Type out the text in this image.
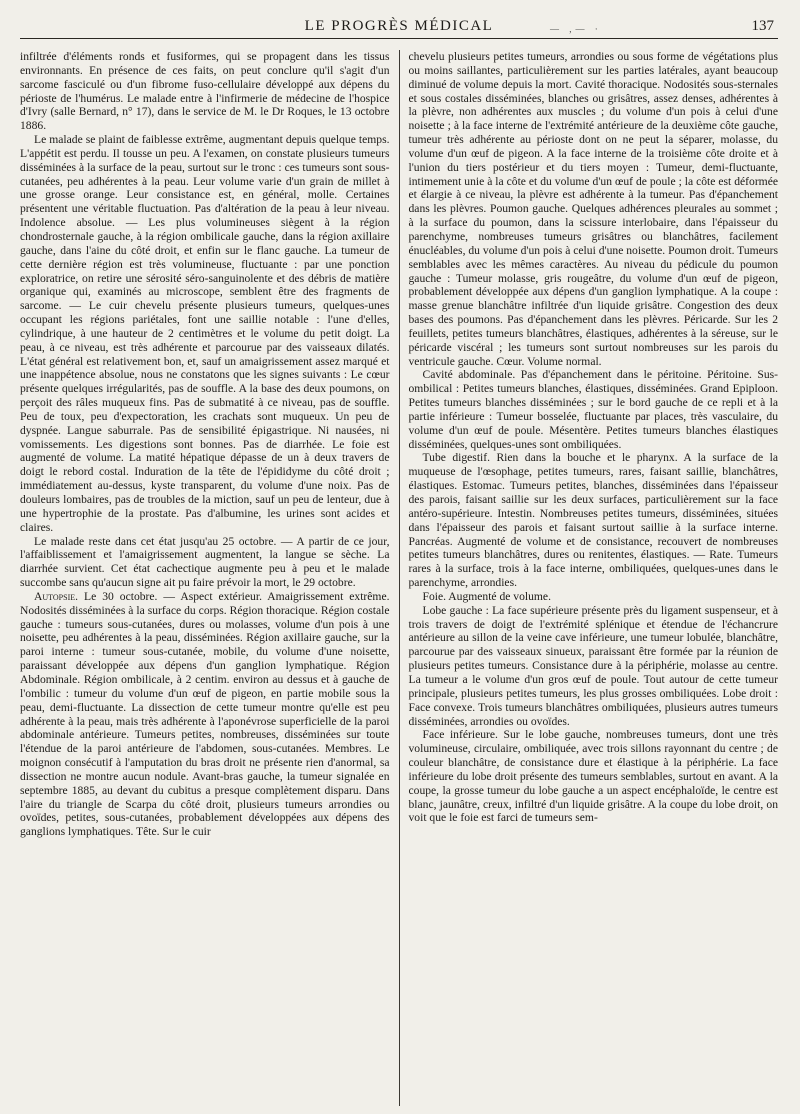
LE PROGRÈS MÉDICAL	— ,— ·	137

infiltrée d'éléments ronds et fusiformes, qui se propagent dans les tissus environnants. En présence de ces faits, on peut conclure qu'il s'agit d'un sarcome fasciculé ou d'un fibrome fuso-cellulaire développé aux dépens du périoste de l'humérus. Le malade entre à l'infirmerie de médecine de l'hospice d'Ivry (salle Bernard, n° 17), dans le service de M. le Dr Roques, le 13 octobre 1886.

Le malade se plaint de faiblesse extrême, augmentant depuis quelque temps. L'appétit est perdu. Il tousse un peu. A l'examen, on constate plusieurs tumeurs disséminées à la surface de la peau, surtout sur le tronc : ces tumeurs sont sous-cutanées, peu adhérentes à la peau. Leur volume varie d'un grain de millet à une grosse orange. Leur consistance est, en général, molle. Certaines présentent une véritable fluctuation. Pas d'altération de la peau à leur niveau. Indolence absolue. — Les plus volumineuses siègent à la région chondrosternale gauche, à la région ombilicale gauche, dans la région axillaire gauche, dans l'aine du côté droit, et enfin sur le flanc gauche. La tumeur de cette dernière région est très volumineuse, fluctuante : par une ponction exploratrice, on retire une sérosité séro-sanguinolente et des débris de matière organique qui, examinés au microscope, semblent être des fragments de sarcome. — Le cuir chevelu présente plusieurs tumeurs, quelques-unes occupant les régions pariétales, font une saillie notable : l'une d'elles, cylindrique, à une hauteur de 2 centimètres et le volume du petit doigt. La peau, à ce niveau, est très adhérente et parcourue par des vaisseaux dilatés. L'état général est relativement bon, et, sauf un amaigrissement assez marqué et une inappétence absolue, nous ne constatons que les signes suivants : Le cœur présente quelques irrégularités, pas de souffle. A la base des deux poumons, on perçoit des râles muqueux fins. Pas de submatité à ce niveau, pas de souffle. Peu de toux, peu d'expectoration, les crachats sont muqueux. Un peu de dyspnée. Langue saburrale. Pas de sensibilité épigastrique. Ni nausées, ni vomissements. Les digestions sont bonnes. Pas de diarrhée. Le foie est augmenté de volume. La matité hépatique dépasse de un à deux travers de doigt le rebord costal. Induration de la tête de l'épididyme du côté droit ; immédiatement au-dessus, kyste transparent, du volume d'une noix. Pas de douleurs lombaires, pas de troubles de la miction, sauf un peu de lenteur, due à une hypertrophie de la prostate. Pas d'albumine, les urines sont acides et claires.

Le malade reste dans cet état jusqu'au 25 octobre. — A partir de ce jour, l'affaiblissement et l'amaigrissement augmentent, la langue se sèche. La diarrhée survient. Cet état cachectique augmente peu à peu et le malade succombe sans qu'aucun signe ait pu faire prévoir la mort, le 29 octobre.

Autopsie. Le 30 octobre. — Aspect extérieur. Amaigrissement extrême. Nodosités disséminées à la surface du corps. Région thoracique. Région costale gauche : tumeurs sous-cutanées, dures ou molasses, volume d'un pois à une noisette, peu adhérentes à la peau, disséminées. Région axillaire gauche, sur la paroi interne : tumeur sous-cutanée, mobile, du volume d'une noisette, paraissant développée aux dépens d'un ganglion lymphatique. Région Abdominale. Région ombilicale, à 2 centim. environ au dessus et à gauche de l'ombilic : tumeur du volume d'un œuf de pigeon, en partie mobile sous la peau, demi-fluctuante. La dissection de cette tumeur montre qu'elle est peu adhérente à la peau, mais très adhérente à l'aponévrose superficielle de la paroi abdominale antérieure. Tumeurs petites, nombreuses, disséminées sur toute l'étendue de la paroi antérieure de l'abdomen, sous-cutanées. Membres. Le moignon consécutif à l'amputation du bras droit ne présente rien d'anormal, sa dissection ne montre aucun nodule. Avant-bras gauche, la tumeur signalée en septembre 1885, au devant du cubitus a presque complètement disparu. Dans l'aire du triangle de Scarpa du côté droit, plusieurs tumeurs arrondies ou ovoïdes, petites, sous-cutanées, probablement développées aux dépens des ganglions lymphatiques. Tête. Sur le cuir

chevelu plusieurs petites tumeurs, arrondies ou sous forme de végétations plus ou moins saillantes, particulièrement sur les parties latérales, ayant beaucoup diminué de volume depuis la mort. Cavité thoracique. Nodosités sous-sternales et sous costales disséminées, blanches ou grisâtres, assez denses, adhérentes à la plèvre, non adhérentes aux muscles ; du volume d'un pois à celui d'une noisette ; à la face interne de l'extrémité antérieure de la deuxième côte gauche, tumeur très adhérente au périoste dont on ne peut la séparer, molasse, du volume d'un œuf de pigeon. A la face interne de la troisième côte droite et à l'union du tiers postérieur et du tiers moyen : Tumeur, demi-fluctuante, intimement unie à la côte et du volume d'un œuf de poule ; la côte est déformée et élargie à ce niveau, la plèvre est adhérente à la tumeur. Pas d'épanchement dans les plèvres. Poumon gauche. Quelques adhérences pleurales au sommet ; à la surface du poumon, dans la scissure interlobaire, dans l'épaisseur du parenchyme, nombreuses tumeurs grisâtres ou blanchâtres, facilement énucléables, du volume d'un pois à celui d'une noisette. Poumon droit. Tumeurs semblables avec les mêmes caractères. Au niveau du pédicule du poumon gauche : Tumeur molasse, gris rougeâtre, du volume d'un œuf de pigeon, probablement développée aux dépens d'un ganglion lymphatique. A la coupe : masse grenue blanchâtre infiltrée d'un liquide grisâtre. Congestion des deux bases des poumons. Pas d'épanchement dans les plèvres. Péricarde. Sur les 2 feuillets, petites tumeurs blanchâtres, élastiques, adhérentes à la séreuse, sur le péricarde viscéral ; les tumeurs sont surtout nombreuses sur les parois du ventricule gauche. Cœur. Volume normal.

Cavité abdominale. Pas d'épanchement dans le péritoine. Péritoine. Sus-ombilical : Petites tumeurs blanches, élastiques, disséminées. Grand Epiploon. Petites tumeurs blanches disséminées ; sur le bord gauche de ce repli et à la partie inférieure : Tumeur bosselée, fluctuante par places, très vasculaire, du volume d'un œuf de poule. Mésentère. Petites tumeurs blanches élastiques disséminées, quelques-unes sont ombiliquées.

Tube digestif. Rien dans la bouche et le pharynx. A la surface de la muqueuse de l'œsophage, petites tumeurs, rares, faisant saillie, blanchâtres, élastiques. Estomac. Tumeurs petites, blanches, disséminées dans l'épaisseur des parois, faisant saillie sur les deux surfaces, particulièrement sur la face antéro-supérieure. Intestin. Nombreuses petites tumeurs, disséminées, situées dans l'épaisseur des parois et faisant surtout saillie à la surface interne. Pancréas. Augmenté de volume et de consistance, recouvert de nombreuses petites tumeurs blanchâtres, dures ou renitentes, élastiques. — Rate. Tumeurs rares à la surface, trois à la face interne, ombiliquées, quelques-unes dans le parenchyme, arrondies.

Foie. Augmenté de volume.

Lobe gauche : La face supérieure présente près du ligament suspenseur, et à trois travers de doigt de l'extrémité splénique et étendue de l'échancrure antérieure au sillon de la veine cave inférieure, une tumeur lobulée, blanchâtre, parcourue par des vaisseaux sinueux, paraissant être formée par la réunion de plusieurs petites tumeurs. Consistance dure à la périphérie, molasse au centre. La tumeur a le volume d'un gros œuf de poule. Tout autour de cette tumeur principale, plusieurs petites tumeurs, les plus grosses ombiliquées. Lobe droit : Face convexe. Trois tumeurs blanchâtres ombiliquées, plusieurs autres tumeurs disséminées, arrondies ou ovoïdes.

Face inférieure. Sur le lobe gauche, nombreuses tumeurs, dont une très volumineuse, circulaire, ombiliquée, avec trois sillons rayonnant du centre ; de couleur blanchâtre, de consistance dure et élastique à la périphérie. La face inférieure du lobe droit présente des tumeurs semblables, surtout en avant. A la coupe, la grosse tumeur du lobe gauche a un aspect encéphaloïde, le centre est blanc, jaunâtre, creux, infiltré d'un liquide grisâtre. A la coupe du lobe droit, on voit que le foie est farci de tumeurs sem-
